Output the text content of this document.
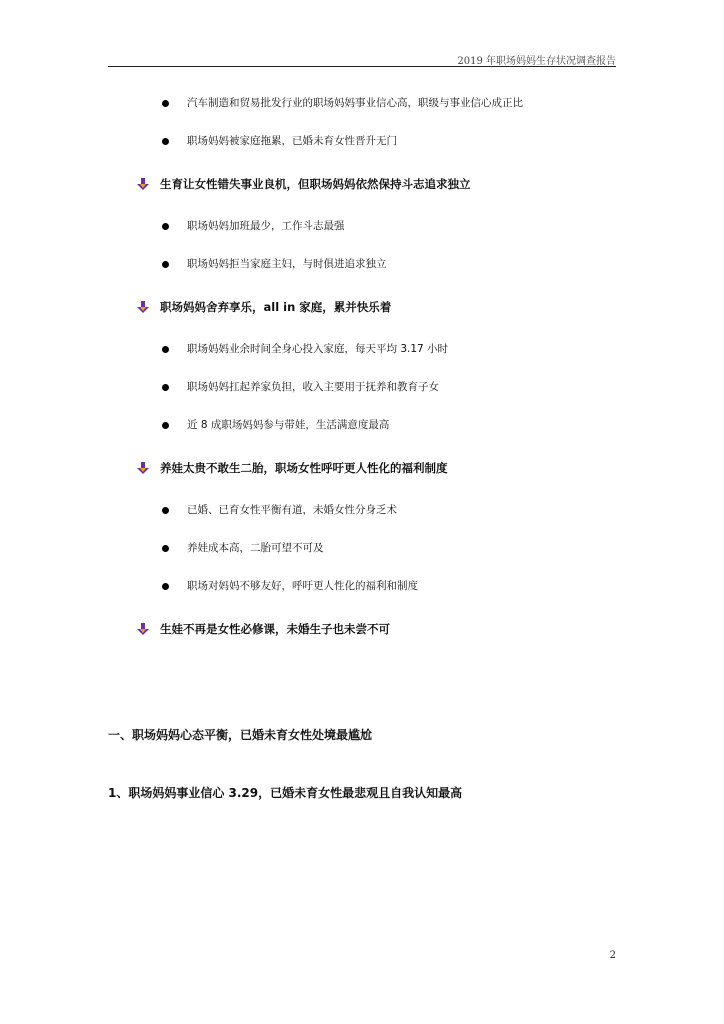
2019 年职场妈妈生存状况调查报告
汽车制造和贸易批发行业的职场妈妈事业信心高，职级与事业信心成正比
职场妈妈被家庭拖累，已婚未育女性晋升无门
生育让女性错失事业良机，但职场妈妈依然保持斗志追求独立
职场妈妈加班最少，工作斗志最强
职场妈妈拒当家庭主妇，与时俱进追求独立
职场妈妈舍弃享乐，all in 家庭，累并快乐着
职场妈妈业余时间全身心投入家庭，每天平均 3.17 小时
职场妈妈扛起养家负担，收入主要用于抚养和教育子女
近 8 成职场妈妈参与带娃，生活满意度最高
养娃太贵不敢生二胎，职场女性呼吁更人性化的福利制度
已婚、已育女性平衡有道，未婚女性分身乏术
养娃成本高，二胎可望不可及
职场对妈妈不够友好，呼吁更人性化的福利和制度
生娃不再是女性必修课，未婚生子也未尝不可
一、职场妈妈心态平衡，已婚未育女性处境最尴尬
1、职场妈妈事业信心 3.29，已婚未育女性最悲观且自我认知最高
2
